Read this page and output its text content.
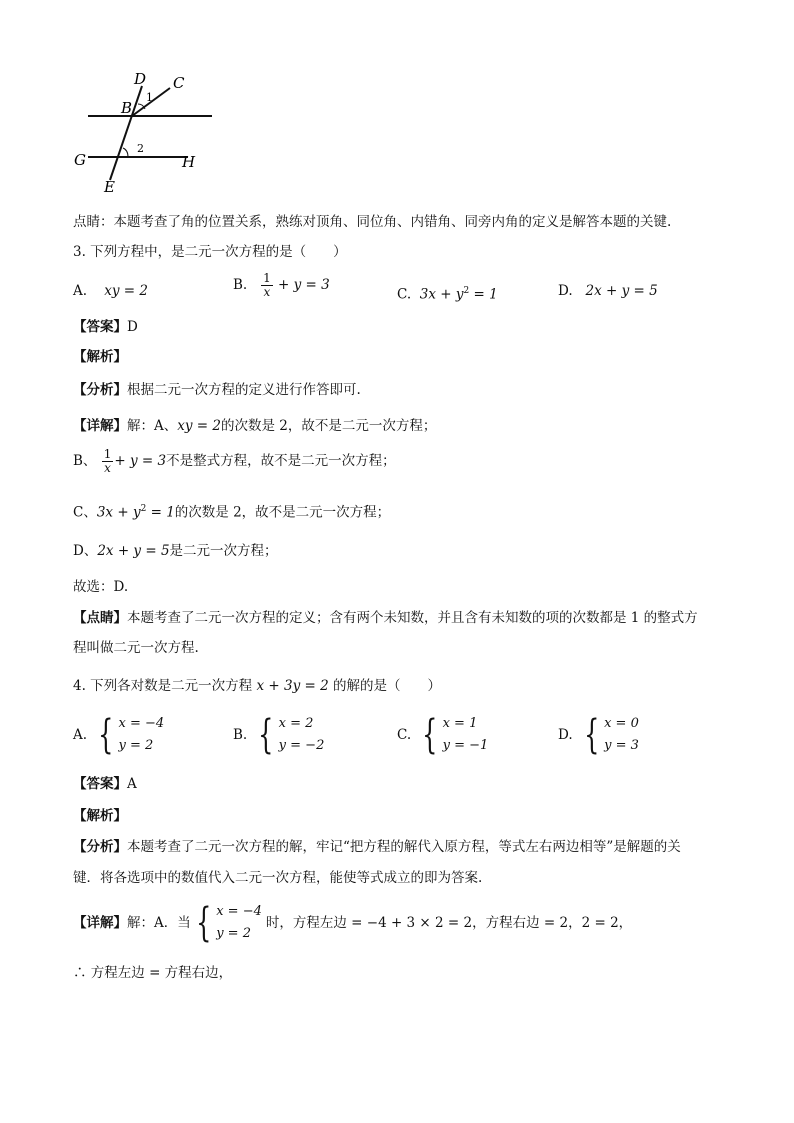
D C
B
1
G
2
H
E
点睛：本题考查了角的位置关系，熟练对顶角、同位角、内错角、同旁内角的定义是解答本题的关键.
3. 下列方程中，是二元一次方程的是（　　）
A. xy = 2	B. $\frac{1}{x} + y = 3$
C. $3x + y^2 = 1$	D. 2x + y = 5
【答案】D
【解析】
【分析】根据二元一次方程的定义进行作答即可.
【详解】解：A、xy = 2的次数是 2，故不是二元一次方程；
B、 $\frac{1}{x} + y = 3$不是整式方程，故不是二元一次方程；
C、$3x + y^2 = 1$的次数是 2，故不是二元一次方程；
D、2x + y = 5是二元一次方程；
故选：D.
【点睛】本题考查了二元一次方程的定义；含有两个未知数，并且含有未知数的项的次数都是 1 的整式方
程叫做二元一次方程.
4. 下列各对数是二元一次方程 x + 3y = 2 的解的是（　　）
A. { x = −4
y = 2
B. { x = 2
y = −2
C. { x = 1
y = −1
D. { x = 0
y = 3
【答案】A
【解析】
【分析】本题考查了二元一次方程的解，牢记“把方程的解代入原方程，等式左右两边相等”是解题的关
键．将各选项中的数值代入二元一次方程，能使等式成立的即为答案.
【详解】 解：A．当 { x = −4
y = 2
时，方程左边 = −4 + 3 × 2 = 2，方程右边 = 2，2 = 2，
∴ 方程左边 = 方程右边，
